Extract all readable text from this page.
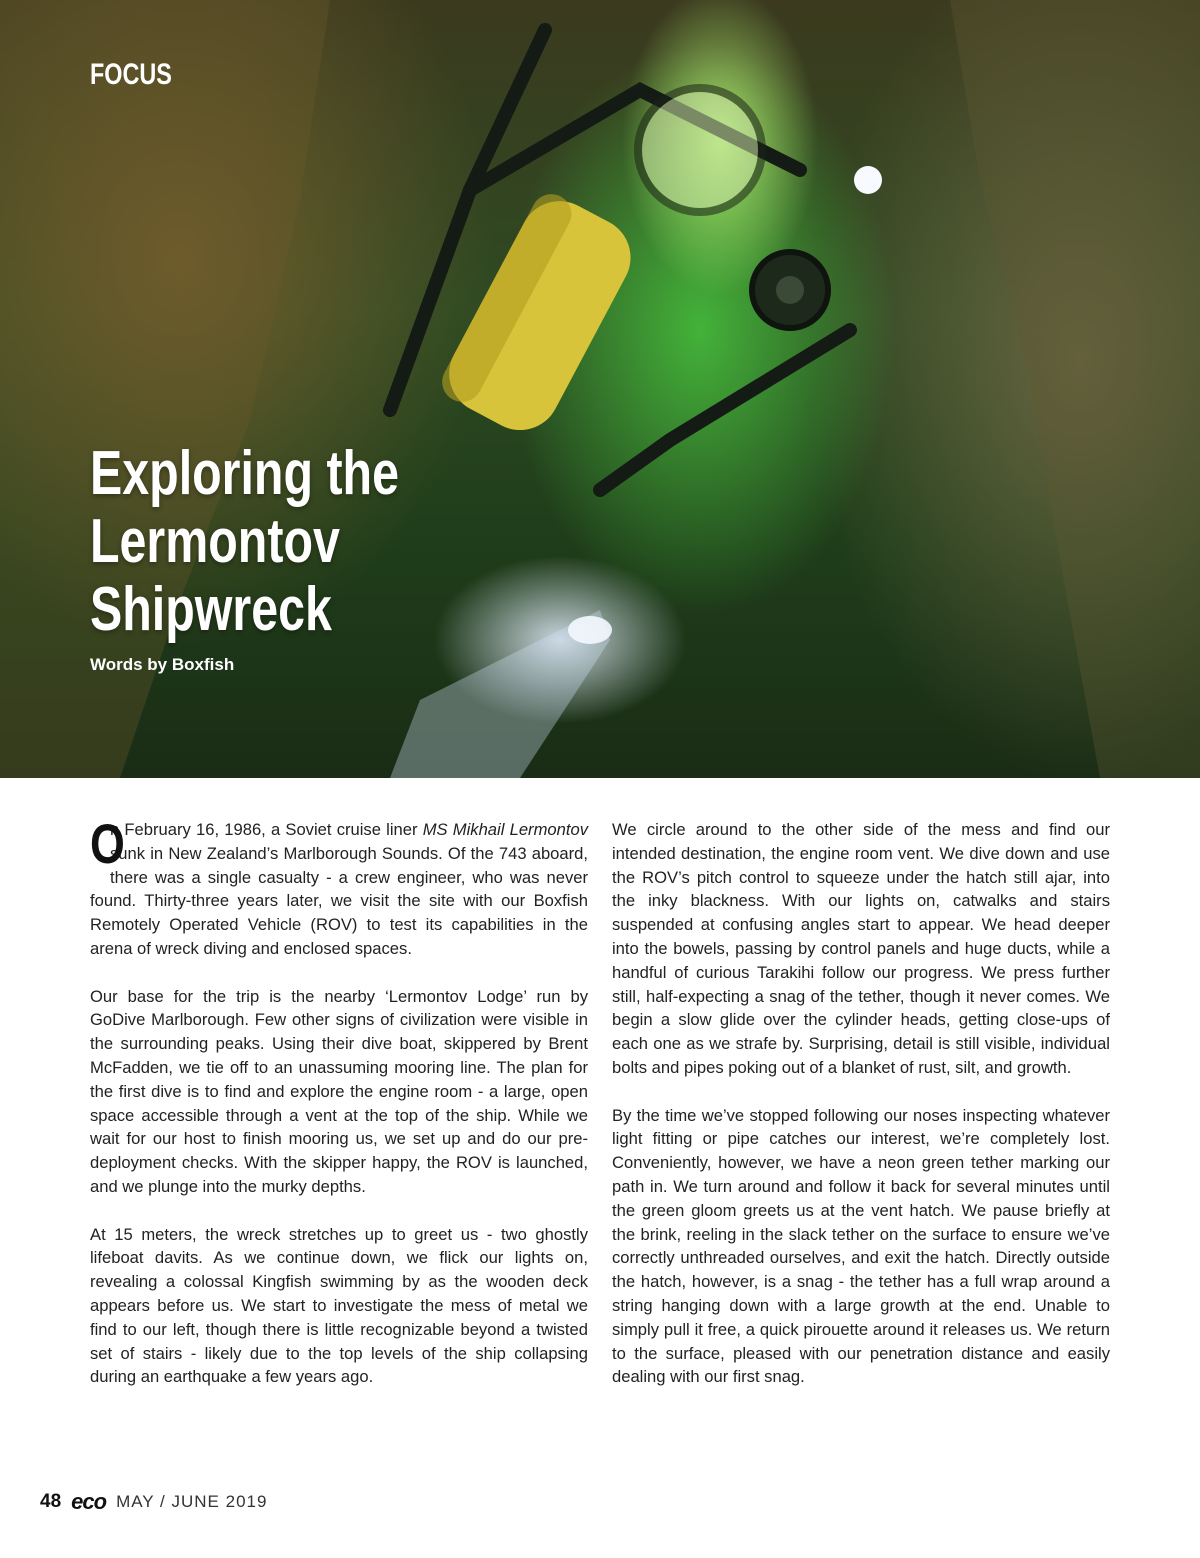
FOCUS
Exploring the
Lermontov
Shipwreck
Words by Boxfish

O
n February 16, 1986, a Soviet cruise liner MS Mikhail Lermontov sunk in New Zealand’s Marlborough Sounds. Of the 743 aboard, there was a single casualty - a crew engineer, who was never found. Thirty-three years later, we visit the site with our Boxfish Remotely Operated Vehicle (ROV) to test its capabilities in the arena of wreck diving and enclosed spaces.

Our base for the trip is the nearby ‘Lermontov Lodge’ run by GoDive Marlborough. Few other signs of civilization were visible in the surrounding peaks. Using their dive boat, skippered by Brent McFadden, we tie off to an unassuming mooring line. The plan for the first dive is to find and explore the engine room - a large, open space accessible through a vent at the top of the ship. While we wait for our host to finish mooring us, we set up and do our pre-deployment checks. With the skipper happy, the ROV is launched, and we plunge into the murky depths.

At 15 meters, the wreck stretches up to greet us - two ghostly lifeboat davits. As we continue down, we flick our lights on, revealing a colossal Kingfish swimming by as the wooden deck appears before us. We start to investigate the mess of metal we find to our left, though there is little recognizable beyond a twisted set of stairs - likely due to the top levels of the ship collapsing during an earthquake a few years ago.

We circle around to the other side of the mess and find our intended destination, the engine room vent. We dive down and use the ROV’s pitch control to squeeze under the hatch still ajar, into the inky blackness. With our lights on, catwalks and stairs suspended at confusing angles start to appear. We head deeper into the bowels, passing by control panels and huge ducts, while a handful of curious Tarakihi follow our progress. We press further still, half-expecting a snag of the tether, though it never comes. We begin a slow glide over the cylinder heads, getting close-ups of each one as we strafe by. Surprising, detail is still visible, individual bolts and pipes poking out of a blanket of rust, silt, and growth.

By the time we’ve stopped following our noses inspecting whatever light fitting or pipe catches our interest, we’re completely lost. Conveniently, however, we have a neon green tether marking our path in. We turn around and follow it back for several minutes until the green gloom greets us at the vent hatch. We pause briefly at the brink, reeling in the slack tether on the surface to ensure we’ve correctly unthreaded ourselves, and exit the hatch. Directly outside the hatch, however, is a snag - the tether has a full wrap around a string hanging down with a large growth at the end. Unable to simply pull it free, a quick pirouette around it releases us. We return to the surface, pleased with our penetration distance and easily dealing with our first snag.

48 eco MAY / JUNE 2019
